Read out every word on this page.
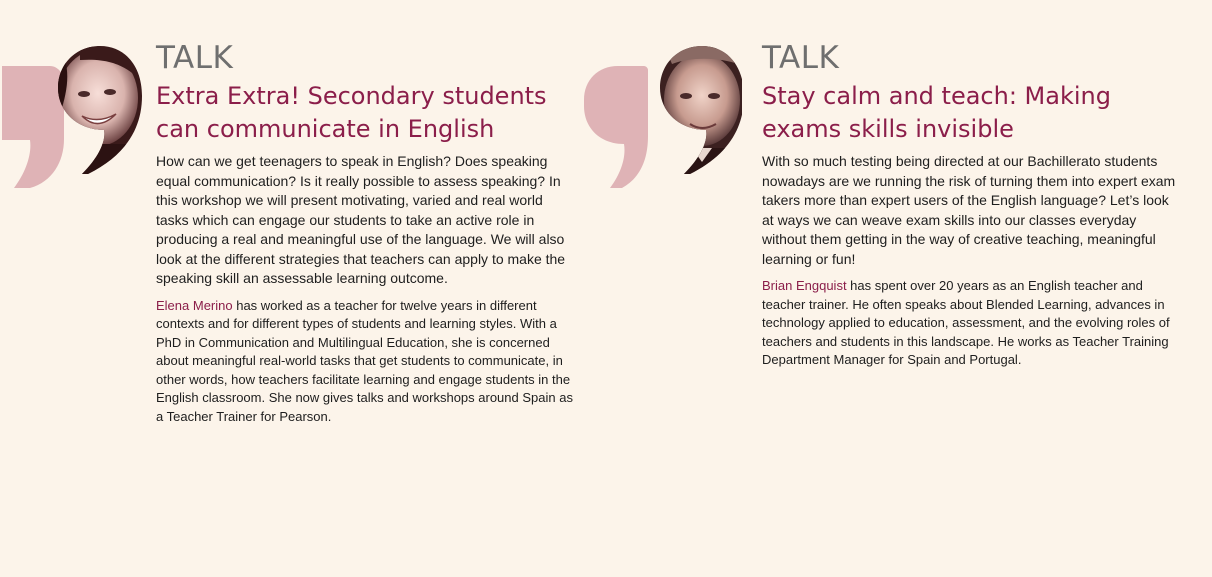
TALK
Extra Extra! Secondary students
can communicate in English

How can we get teenagers to speak in English? Does speaking equal communication? Is it really possible to assess speaking? In this workshop we will present motivating, varied and real world tasks which can engage our students to take an active role in producing a real and meaningful use of the language. We will also look at the different strategies that teachers can apply to make the speaking skill an assessable learning outcome.

Elena Merino has worked as a teacher for twelve years in different contexts and for different types of students and learning styles. With a PhD in Communication and Multilingual Education, she is concerned about meaningful real-world tasks that get students to communicate, in other words, how teachers facilitate learning and engage students in the English classroom. She now gives talks and workshops around Spain as a Teacher Trainer for Pearson.

TALK
Stay calm and teach: Making
exams skills invisible

With so much testing being directed at our Bachillerato students nowadays are we running the risk of turning them into expert exam takers more than expert users of the English language? Let’s look at ways we can weave exam skills into our classes everyday without them getting in the way of creative teaching, meaningful learning or fun!

Brian Engquist has spent over 20 years as an English teacher and teacher trainer. He often speaks about Blended Learning, advances in technology applied to education, assessment, and the evolving roles of teachers and students in this landscape. He works as Teacher Training Department Manager for Spain and Portugal.
